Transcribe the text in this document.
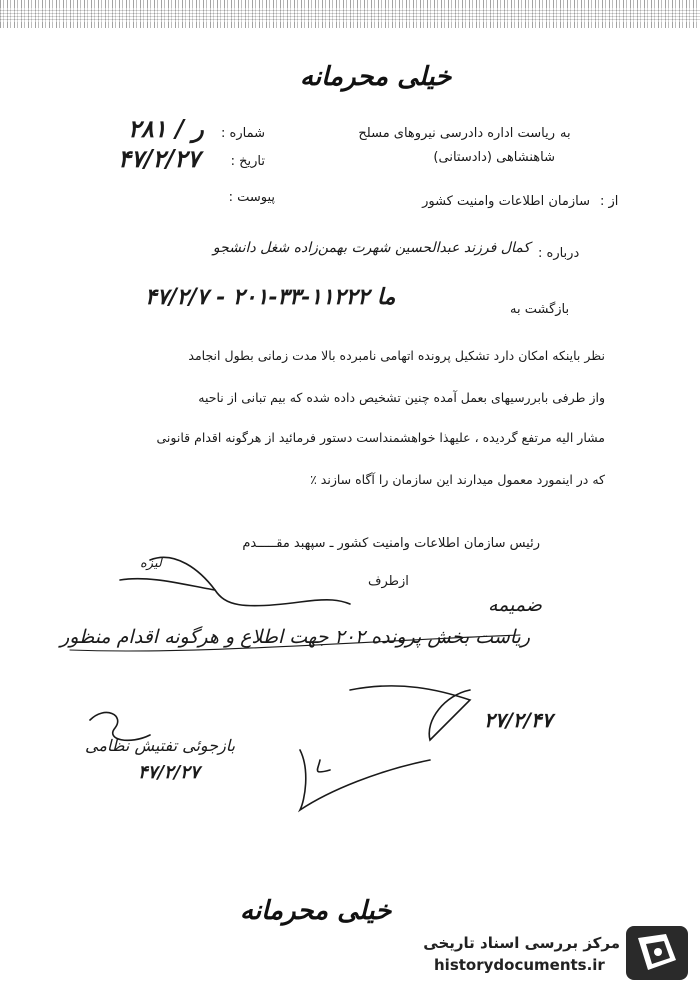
خیلی محرمانه
به
ریاست اداره دادرسی نیروهای مسلح
شاهنشاهی (دادستانی)
شماره :
۲۸۱ / ر
تاریخ :
۴۷/۲/۲۷
پیوست :	از :
سازمان اطلاعات وامنیت کشور
درباره :
کمال فرزند عبدالحسین شهرت بهمن‌زاده شغل دانشجو
بازگشت به
۴۷/۲/۷ - ۲۰۱-۳۳-۱۱۲۲۲ ما
نظر باینکه امکان دارد تشکیل پرونده اتهامی نامبرده بالا مدت زمانی بطول انجامد
واز طرفی بابررسیهای بعمل آمده چنین تشخیص داده شده که بیم تبانی از ناحیه
مشار الیه مرتفع گردیده ، علیهذا خواهشمنداست دستور فرمائید از هرگونه اقدام قانونی
که در اینمورد معمول میدارند این سازمان را آگاه سازند ٪
رئیس سازمان اطلاعات وامنیت کشور ـ سپهبد مقـــــدم
ازطرف
ضمیمه
لیزه
ریاست بخش پرونده ۲۰۲ جهت اطلاع و هرگونه اقدام منظور
۲۷/۲/۴۷
بازجوئی تفتیش نظامی
۴۷/۲/۲۷
خیلی محرمانه
مرکز بررسی اسناد تاریخی
historydocuments.ir
